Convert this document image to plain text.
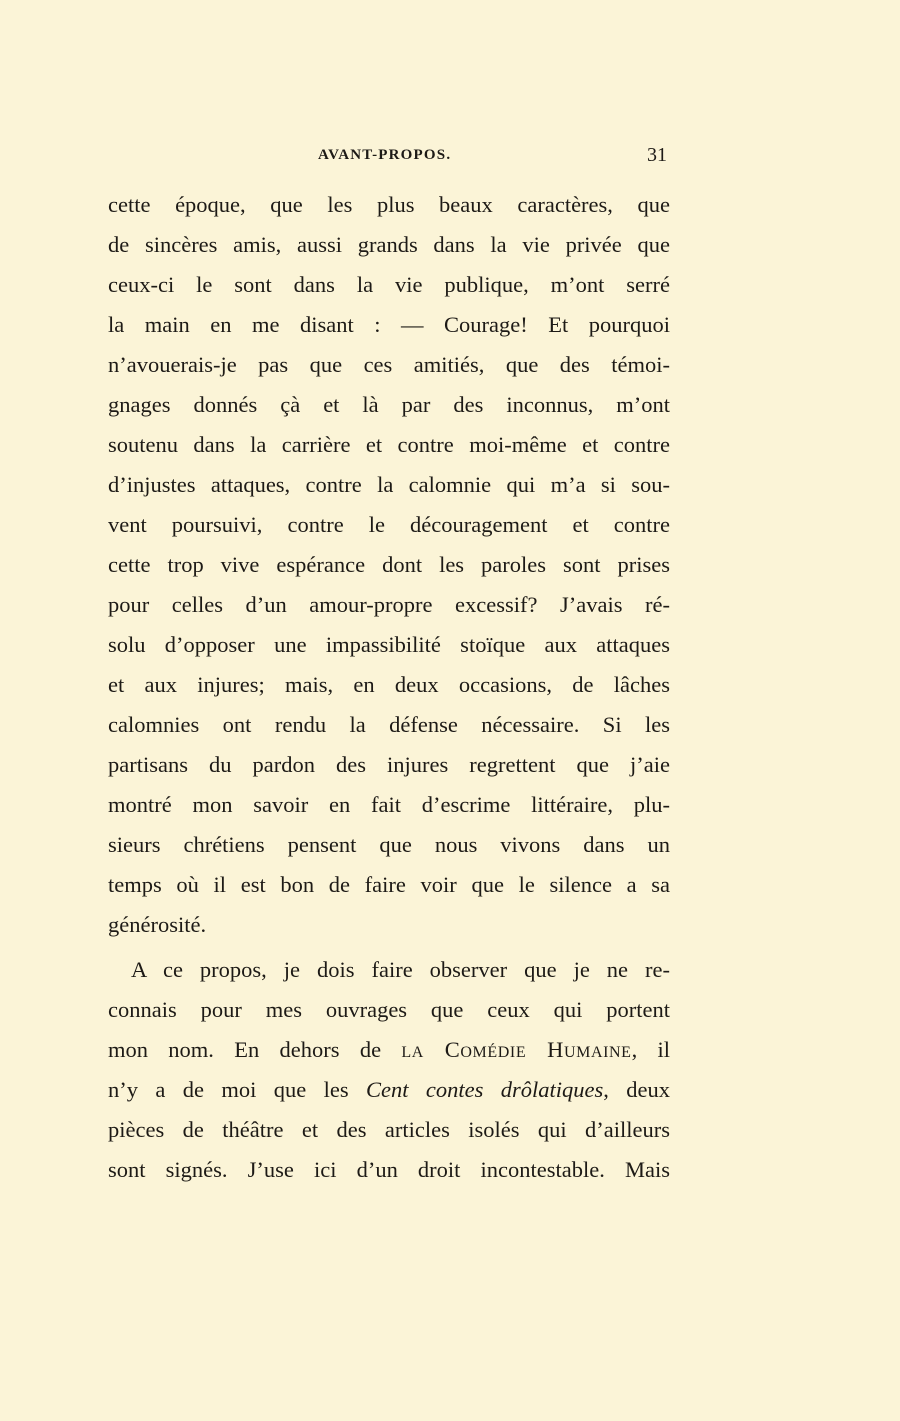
AVANT-PROPOS.	31
cette époque, que les plus beaux caractères, que
de sincères amis, aussi grands dans la vie privée que
ceux-ci le sont dans la vie publique, m’ont serré
la main en me disant : — Courage! Et pourquoi
n’avouerais-je pas que ces amitiés, que des témoi-
gnages donnés çà et là par des inconnus, m’ont
soutenu dans la carrière et contre moi-même et contre
d’injustes attaques, contre la calomnie qui m’a si sou-
vent poursuivi, contre le découragement et contre
cette trop vive espérance dont les paroles sont prises
pour celles d’un amour-propre excessif? J’avais ré-
solu d’opposer une impassibilité stoïque aux attaques
et aux injures; mais, en deux occasions, de lâches
calomnies ont rendu la défense nécessaire. Si les
partisans du pardon des injures regrettent que j’aie
montré mon savoir en fait d’escrime littéraire, plu-
sieurs chrétiens pensent que nous vivons dans un
temps où il est bon de faire voir que le silence a sa
générosité.
A ce propos, je dois faire observer que je ne re-
connais pour mes ouvrages que ceux qui portent
mon nom. En dehors de la Comédie Humaine, il
n’y a de moi que les Cent contes drôlatiques, deux
pièces de théâtre et des articles isolés qui d’ailleurs
sont signés. J’use ici d’un droit incontestable. Mais
